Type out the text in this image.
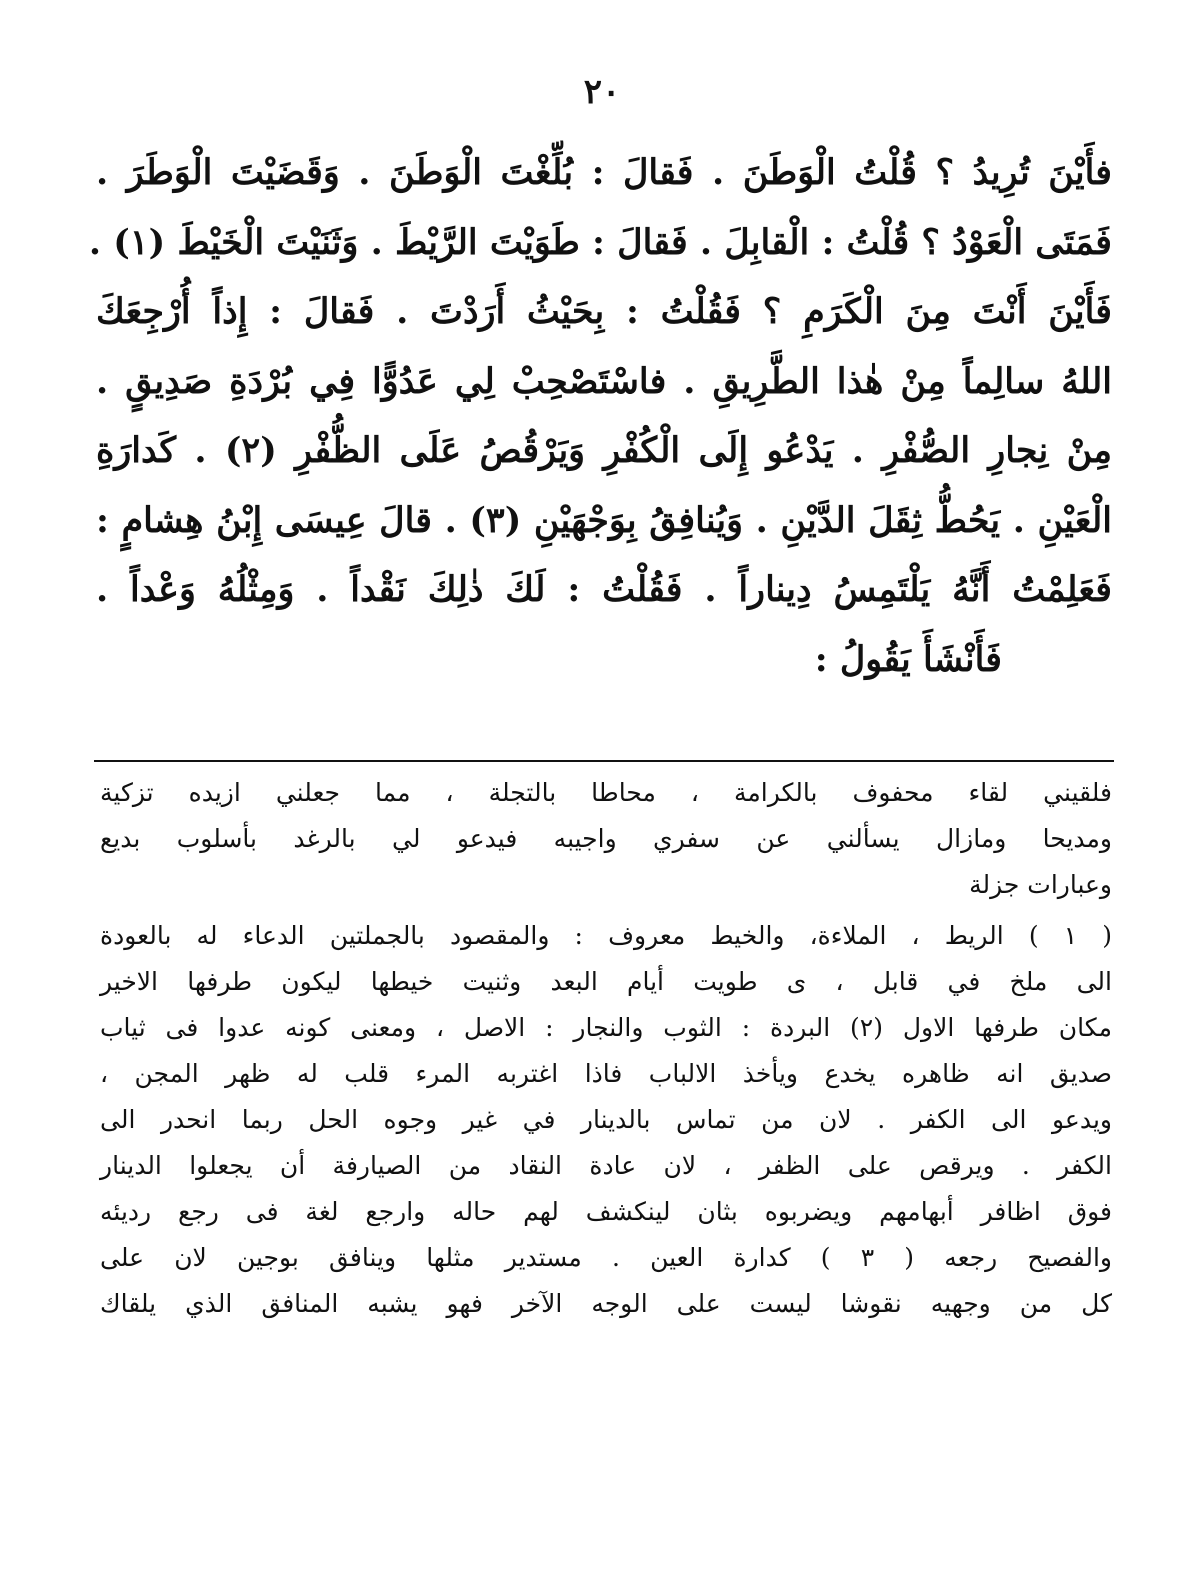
٢٠
فأَيْنَ تُرِيدُ ؟ قُلْتُ الْوَطَنَ . فَقالَ : بُلِّغْتَ الْوَطَنَ . وَقَضَيْتَ الْوَطَرَ .
فَمَتَى الْعَوْدُ ؟ قُلْتُ : الْقابِلَ . فَقالَ : طَوَيْتَ الرَّيْطَ . وَثَنَيْتَ الْخَيْطَ (١) .
فَأَيْنَ أَنْتَ مِنَ الْكَرَمِ ؟ فَقُلْتُ : بِحَيْثُ أَرَدْتَ . فَقالَ : إِذاً أُرْجِعَكَ
اللهُ سالِماً مِنْ هٰذا الطَّرِيقِ . فاسْتَصْحِبْ لِي عَدُوًّا فِي بُرْدَةِ صَدِيقٍ .
مِنْ نِجارِ الصُّفْرِ . يَدْعُو إِلَى الْكُفْرِ وَيَرْقُصُ عَلَى الظُّفْرِ (٢) . كَدارَةِ
الْعَيْنِ . يَحُطُّ ثِقَلَ الدَّيْنِ . وَيُنافِقُ بِوَجْهَيْنِ (٣) . قالَ عِيسَى إِبْنُ هِشامٍ :
فَعَلِمْتُ أَنَّهُ يَلْتَمِسُ دِيناراً . فَقُلْتُ : لَكَ ذٰلِكَ نَقْداً . وَمِثْلُهُ وَعْداً .
فَأَنْشَأَ يَقُولُ :
فلقيني لقاء محفوف بالكرامة ، محاطا بالتجلة ، مما جعلني ازيده تزكية
ومديحا ومازال يسألني عن سفري واجيبه فيدعو لي بالرغد بأسلوب بديع
وعبارات جزلة
( ١ ) الريط ، الملاءة، والخيط معروف : والمقصود بالجملتين الدعاء له بالعودة
الى ملخ في قابل ، ى طويت أيام البعد وثنيت خيطها ليكون طرفها الاخير
مكان طرفها الاول (٢) البردة : الثوب والنجار : الاصل ، ومعنى كونه عدوا فى ثياب
صديق انه ظاهره يخدع ويأخذ الالباب فاذا اغتربه المرء قلب له ظهر المجن ،
ويدعو الى الكفر . لان من تماس بالدينار في غير وجوه الحل ربما انحدر الى
الكفر . ويرقص على الظفر ، لان عادة النقاد من الصيارفة أن يجعلوا الدينار
فوق اظافر أبهامهم ويضربوه بثان لينكشف لهم حاله وارجع لغة فى رجع رديئه
والفصيح رجعه ( ٣ ) كدارة العين . مستدير مثلها وينافق بوجين لان على
كل من وجهيه نقوشا ليست على الوجه الآخر فهو يشبه المنافق الذي يلقاك
